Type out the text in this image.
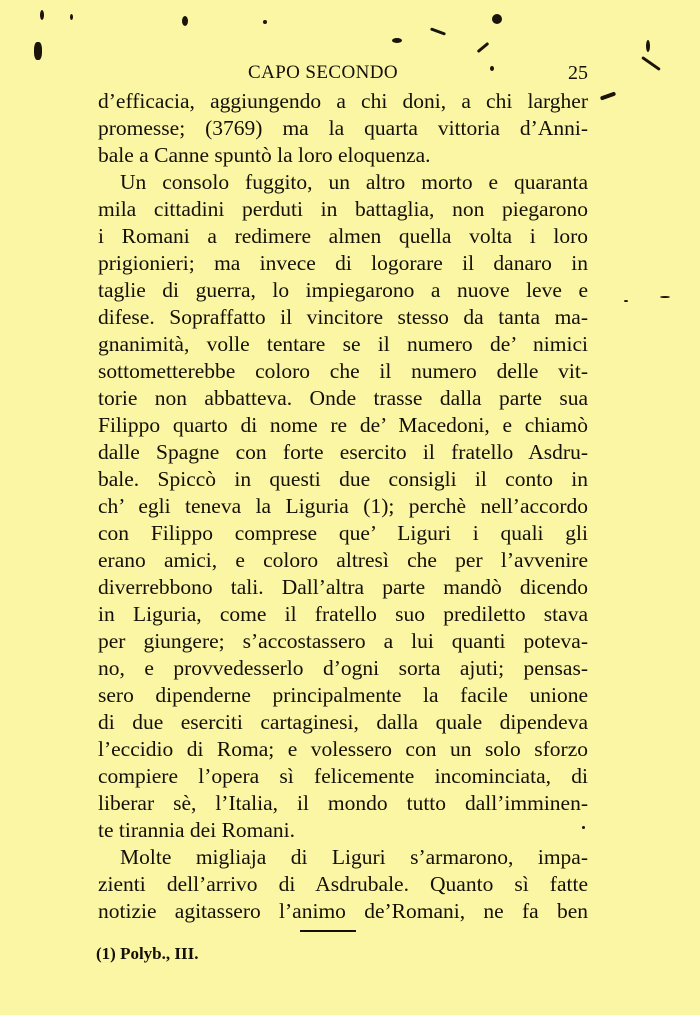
CAPO SECONDO	25
d’efficacia, aggiungendo a chi doni, a chi largher
promesse; (3769) ma la quarta vittoria d’Anni-
bale a Canne spuntò la loro eloquenza.
Un consolo fuggito, un altro morto e quaranta
mila cittadini perduti in battaglia, non piegarono
i Romani a redimere almen quella volta i loro
prigionieri; ma invece di logorare il danaro in
taglie di guerra, lo impiegarono a nuove leve e
difese. Sopraffatto il vincitore stesso da tanta ma-
gnanimità, volle tentare se il numero de’ nimici
sottometterebbe coloro che il numero delle vit-
torie non abbatteva. Onde trasse dalla parte sua
Filippo quarto di nome re de’ Macedoni, e chiamò
dalle Spagne con forte esercito il fratello Asdru-
bale. Spiccò in questi due consigli il conto in
ch’ egli teneva la Liguria (1); perchè nell’accordo
con Filippo comprese que’ Liguri i quali gli
erano amici, e coloro altresì che per l’avvenire
diverrebbono tali. Dall’altra parte mandò dicendo
in Liguria, come il fratello suo prediletto stava
per giungere; s’accostassero a lui quanti poteva-
no, e provvedesserlo d’ogni sorta ajuti; pensas-
sero dipenderne principalmente la facile unione
di due eserciti cartaginesi, dalla quale dipendeva
l’eccidio di Roma; e volessero con un solo sforzo
compiere l’opera sì felicemente incominciata, di
liberar sè, l’Italia, il mondo tutto dall’imminen-
te tirannia dei Romani.
Molte migliaja di Liguri s’armarono, impa-
zienti dell’arrivo di Asdrubale. Quanto sì fatte
notizie agitassero l’animo de’Romani, ne fa ben
(1) Polyb., III.
